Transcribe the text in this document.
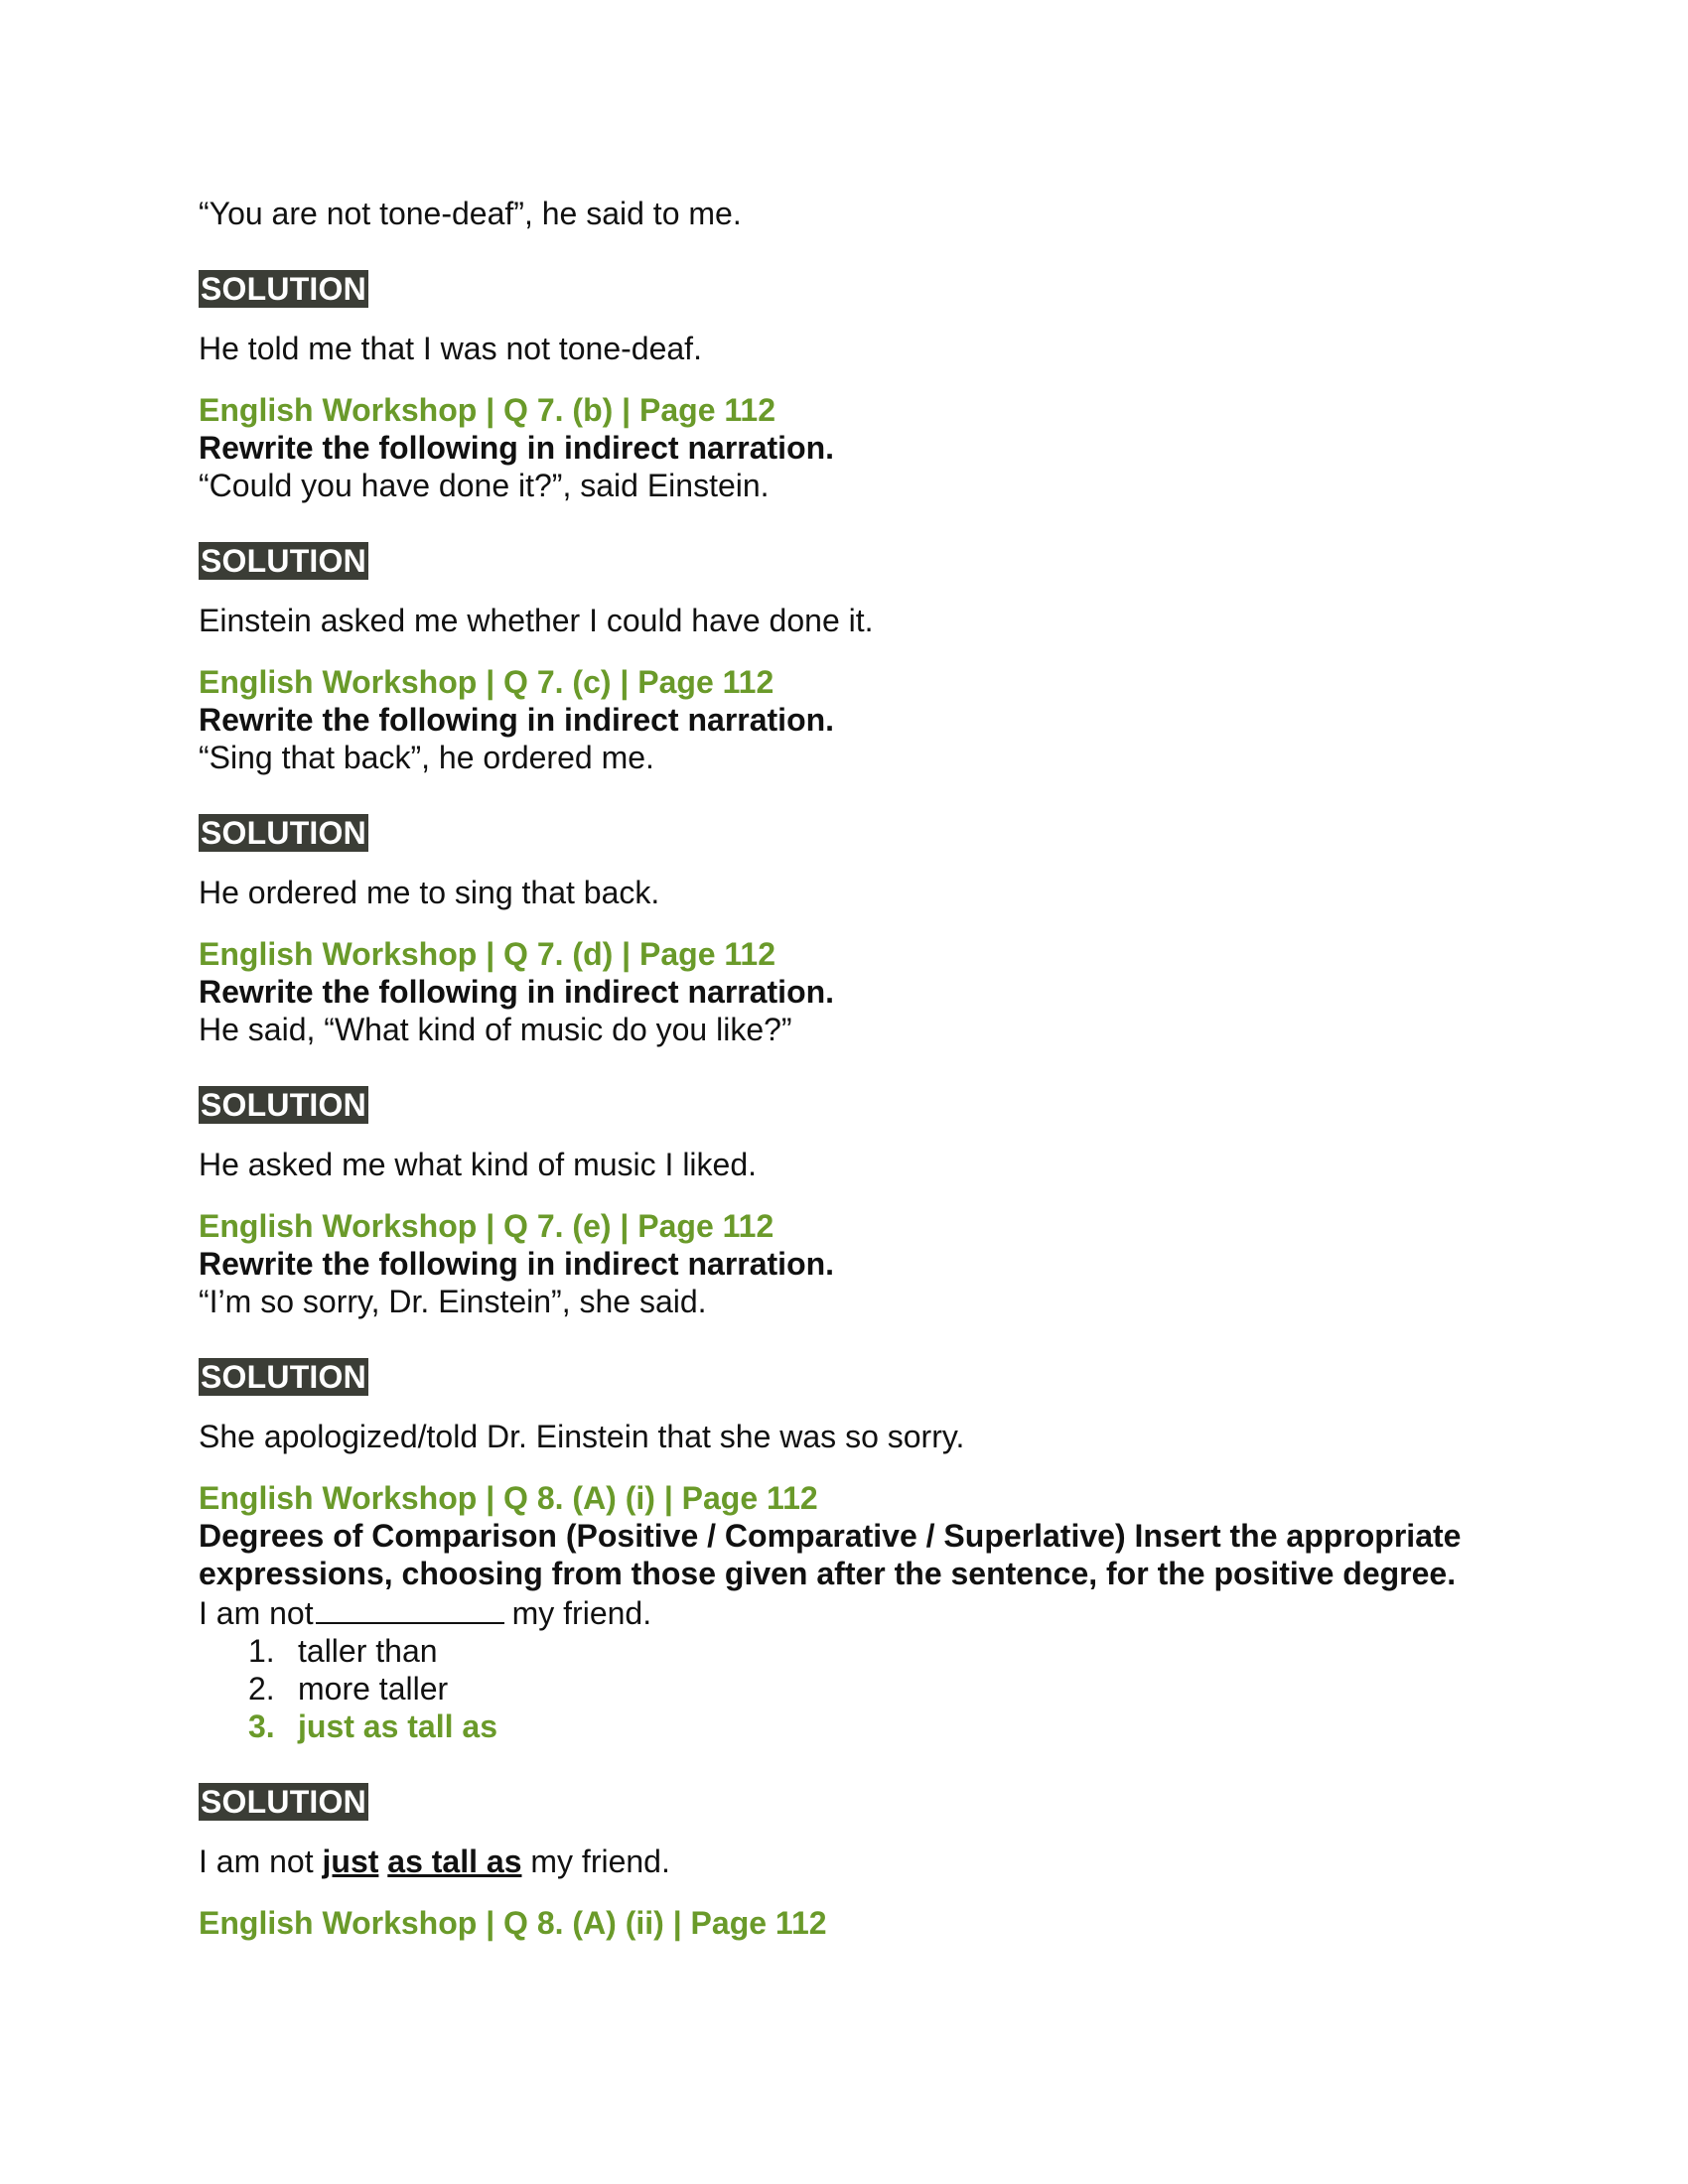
“You are not tone-deaf”, he said to me.

SOLUTION

He told me that I was not tone-deaf.

English Workshop | Q 7. (b) | Page 112
Rewrite the following in indirect narration.

“Could you have done it?”, said Einstein.

SOLUTION

Einstein asked me whether I could have done it.

English Workshop | Q 7. (c) | Page 112
Rewrite the following in indirect narration.

“Sing that back”, he ordered me.

SOLUTION

He ordered me to sing that back.

English Workshop | Q 7. (d) | Page 112
Rewrite the following in indirect narration.

He said, “What kind of music do you like?”

SOLUTION

He asked me what kind of music I liked.

English Workshop | Q 7. (e) | Page 112
Rewrite the following in indirect narration.

“I’m so sorry, Dr. Einstein”, she said.

SOLUTION

She apologized/told Dr. Einstein that she was so sorry.

English Workshop | Q 8. (A) (i) | Page 112
Degrees of Comparison (Positive / Comparative / Superlative) Insert the appropriate expressions, choosing from those given after the sentence, for the positive degree.

I am not	my friend.

1. taller than
2. more taller
3. just as tall as
SOLUTION

I am not just as tall as my friend.

English Workshop | Q 8. (A) (ii) | Page 112
